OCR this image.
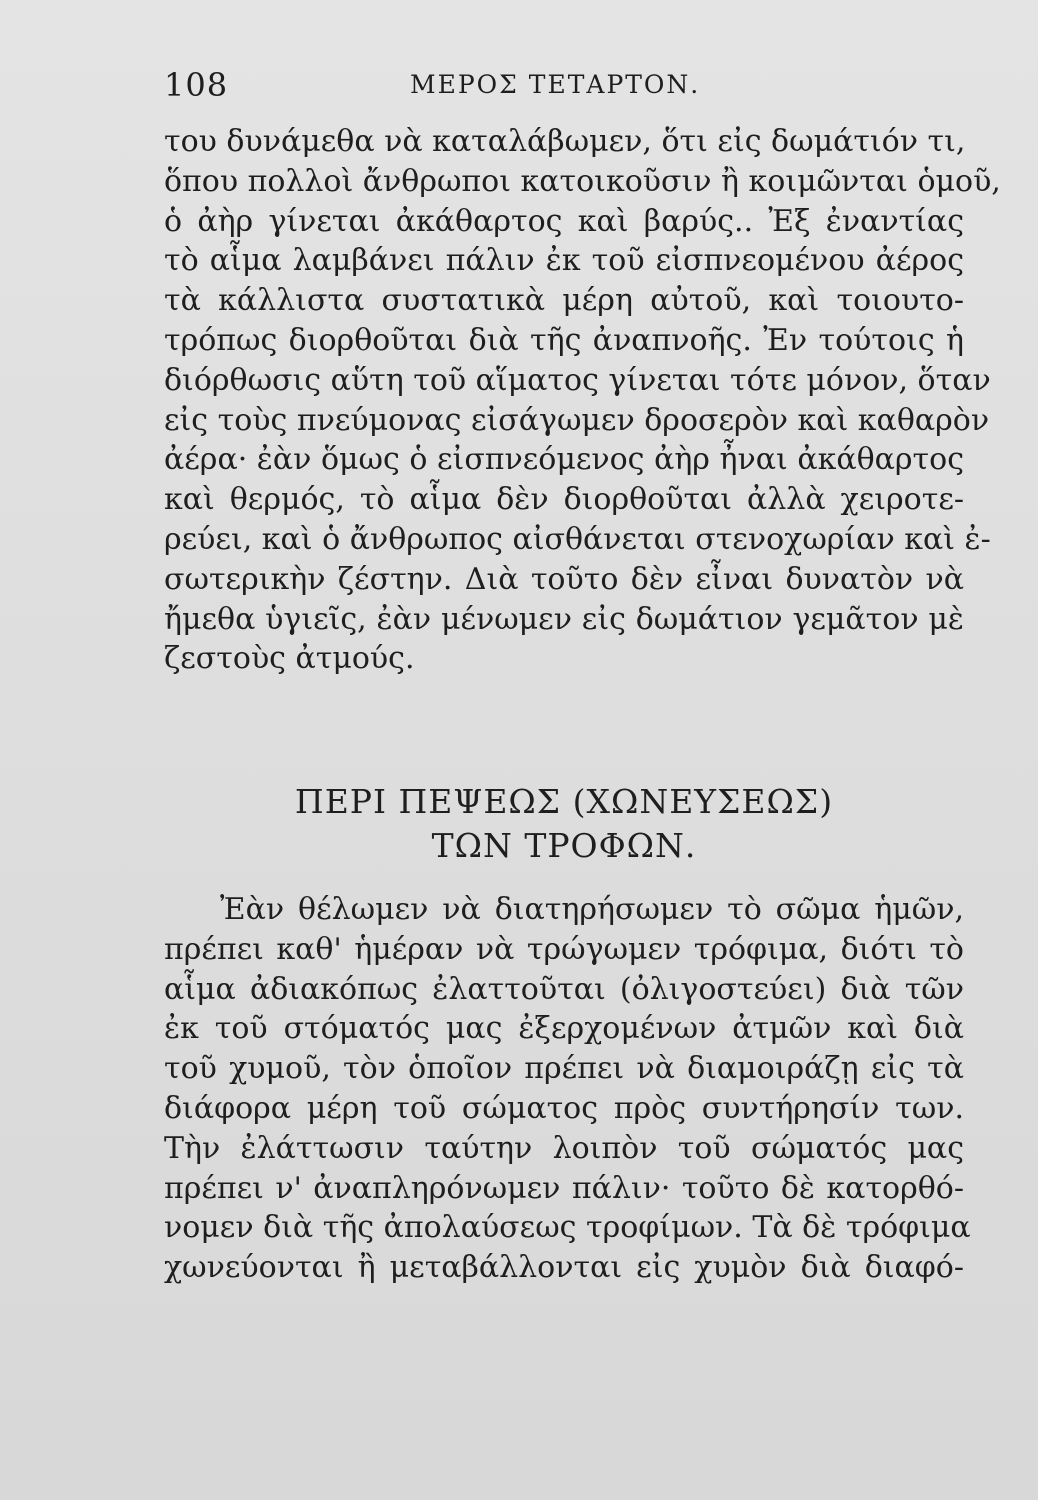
108	ΜΕΡΟΣ ΤΕΤΑΡΤΟΝ.
του δυνάμεθα νὰ καταλάβωμεν, ὅτι εἰς δωμάτιόν τι,
ὅπου πολλοὶ ἄνθρωποι κατοικοῦσιν ἢ κοιμῶνται ὁμοῦ,
ὁ ἀὴρ γίνεται ἀκάθαρτος καὶ βαρύς.. Ἐξ ἐναντίας
τὸ αἷμα λαμβάνει πάλιν ἐκ τοῦ εἰσπνεομένου ἀέρος
τὰ κάλλιστα συστατικὰ μέρη αὐτοῦ, καὶ τοιουτο-
τρόπως διορθοῦται διὰ τῆς ἀναπνοῆς. Ἐν τούτοις ἡ
διόρθωσις αὕτη τοῦ αἵματος γίνεται τότε μόνον, ὅταν
εἰς τοὺς πνεύμονας εἰσάγωμεν δροσερὸν καὶ καθαρὸν
ἀέρα· ἐὰν ὅμως ὁ εἰσπνεόμενος ἀὴρ ἦναι ἀκάθαρτος
καὶ θερμός, τὸ αἷμα δὲν διορθοῦται ἀλλὰ χειροτε-
ρεύει, καὶ ὁ ἄνθρωπος αἰσθάνεται στενοχωρίαν καὶ ἐ-
σωτερικὴν ζέστην. Διὰ τοῦτο δὲν εἶναι δυνατὸν νὰ
ἤμεθα ὑγιεῖς, ἐὰν μένωμεν εἰς δωμάτιον γεμᾶτον μὲ
ζεστοὺς ἀτμούς.
ΠΕΡΙ ΠΕΨΕΩΣ (ΧΩΝΕΥΣΕΩΣ)
ΤΩΝ ΤΡΟΦΩΝ.
Ἐὰν θέλωμεν νὰ διατηρήσωμεν τὸ σῶμα ἡμῶν,
πρέπει καθ' ἡμέραν νὰ τρώγωμεν τρόφιμα, διότι τὸ
αἷμα ἀδιακόπως ἐλαττοῦται (ὀλιγοστεύει) διὰ τῶν
ἐκ τοῦ στόματός μας ἐξερχομένων ἀτμῶν καὶ διὰ
τοῦ χυμοῦ, τὸν ὁποῖον πρέπει νὰ διαμοιράζῃ εἰς τὰ
διάφορα μέρη τοῦ σώματος πρὸς συντήρησίν των.
Τὴν ἐλάττωσιν ταύτην λοιπὸν τοῦ σώματός μας
πρέπει ν' ἀναπληρόνωμεν πάλιν· τοῦτο δὲ κατορθό-
νομεν διὰ τῆς ἀπολαύσεως τροφίμων. Τὰ δὲ τρόφιμα
χωνεύονται ἢ μεταβάλλονται εἰς χυμὸν διὰ διαφό-
